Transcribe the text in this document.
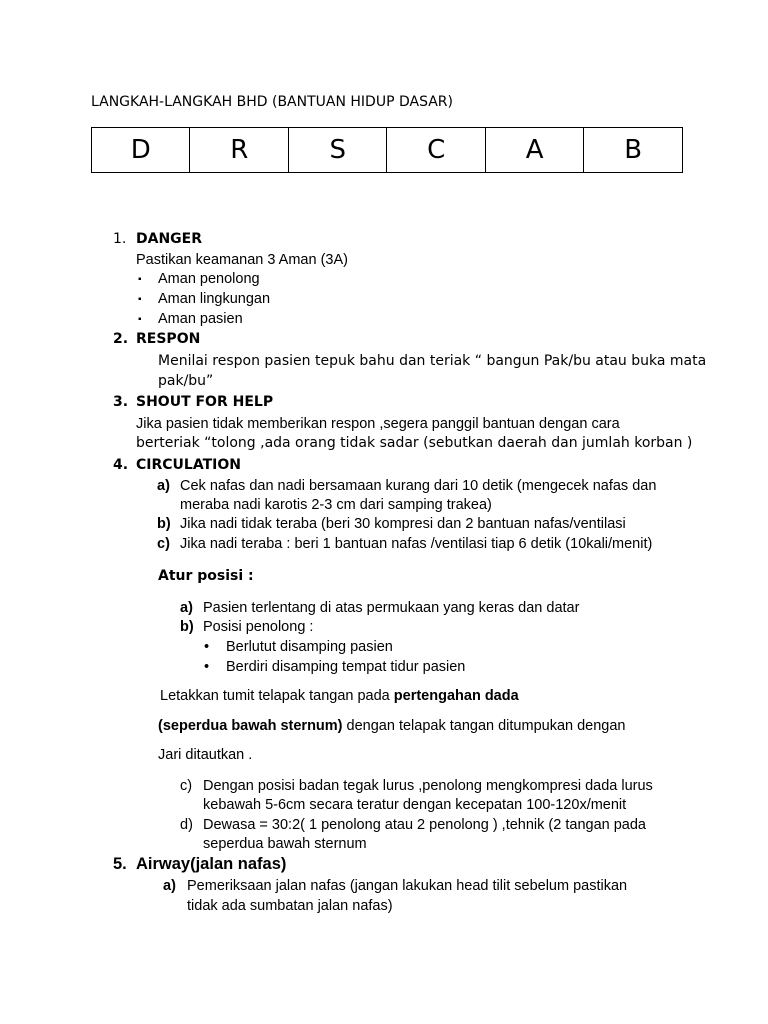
LANGKAH-LANGKAH BHD (BANTUAN HIDUP DASAR)
D	R	S	C	A	B
1. DANGER
Pastikan keamanan 3 Aman (3A)
▪ Aman penolong
▪ Aman lingkungan
▪ Aman pasien
2. RESPON
Menilai respon pasien tepuk bahu dan teriak “ bangun Pak/bu atau buka mata
pak/bu”
3. SHOUT FOR HELP
Jika pasien tidak memberikan respon ,segera panggil bantuan dengan cara
berteriak “tolong ,ada orang tidak sadar (sebutkan daerah dan jumlah korban )
4. CIRCULATION
a) Cek nafas dan nadi bersamaan kurang dari 10 detik (mengecek nafas dan
meraba nadi karotis 2-3 cm dari samping trakea)
b) Jika nadi tidak teraba (beri 30 kompresi dan 2 bantuan nafas/ventilasi
c) Jika nadi teraba : beri 1 bantuan nafas /ventilasi tiap 6 detik (10kali/menit)
Atur posisi :
a) Pasien terlentang di atas permukaan yang keras dan datar
b) Posisi penolong :
• Berlutut disamping pasien
• Berdiri disamping tempat tidur pasien
Letakkan tumit telapak tangan pada pertengahan dada
(seperdua bawah sternum) dengan telapak tangan ditumpukan dengan
Jari ditautkan .
c) Dengan posisi badan tegak lurus ,penolong mengkompresi dada lurus
kebawah 5-6cm secara teratur dengan kecepatan 100-120x/menit
d) Dewasa = 30:2( 1 penolong atau 2 penolong ) ,tehnik (2 tangan pada
seperdua bawah sternum
5. Airway(jalan nafas)
a) Pemeriksaan jalan nafas (jangan lakukan head tilit sebelum pastikan
tidak ada sumbatan jalan nafas)
